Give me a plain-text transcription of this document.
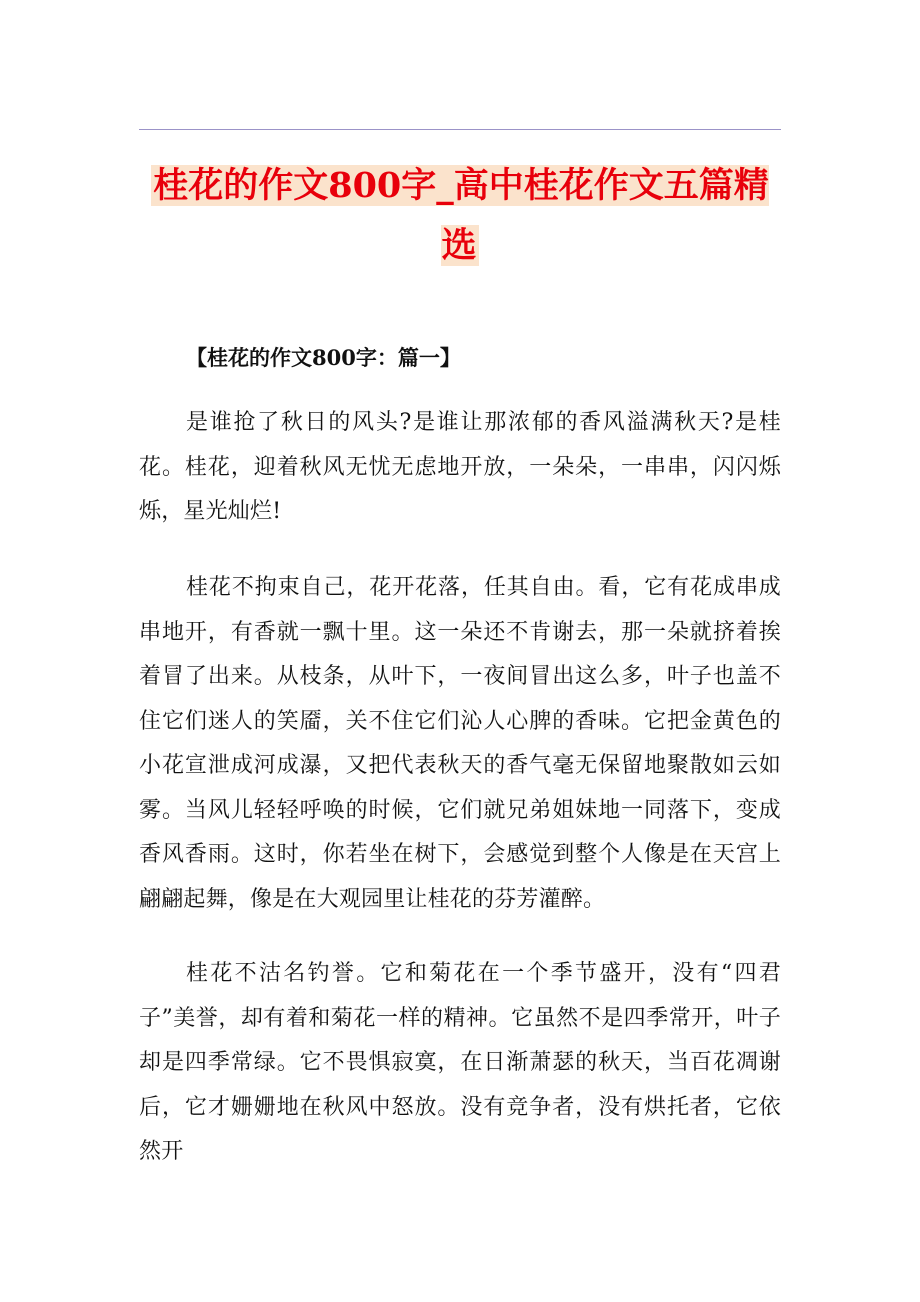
桂花的作文800字_高中桂花作文五篇精选
【桂花的作文800字：篇一】

是谁抢了秋日的风头?是谁让那浓郁的香风溢满秋天?是桂花。桂花，迎着秋风无忧无虑地开放，一朵朵，一串串，闪闪烁烁，星光灿烂!

桂花不拘束自己，花开花落，任其自由。看，它有花成串成串地开，有香就一飘十里。这一朵还不肯谢去，那一朵就挤着挨着冒了出来。从枝条，从叶下，一夜间冒出这么多，叶子也盖不住它们迷人的笑靥，关不住它们沁人心脾的香味。它把金黄色的小花宣泄成河成瀑，又把代表秋天的香气毫无保留地聚散如云如雾。当风儿轻轻呼唤的时候，它们就兄弟姐妹地一同落下，变成香风香雨。这时，你若坐在树下，会感觉到整个人像是在天宫上翩翩起舞，像是在大观园里让桂花的芬芳灌醉。

桂花不沽名钓誉。它和菊花在一个季节盛开，没有“四君子”美誉，却有着和菊花一样的精神。它虽然不是四季常开，叶子却是四季常绿。它不畏惧寂寞，在日渐萧瑟的秋天，当百花凋谢后，它才姗姗地在秋风中怒放。没有竞争者，没有烘托者，它依然开
